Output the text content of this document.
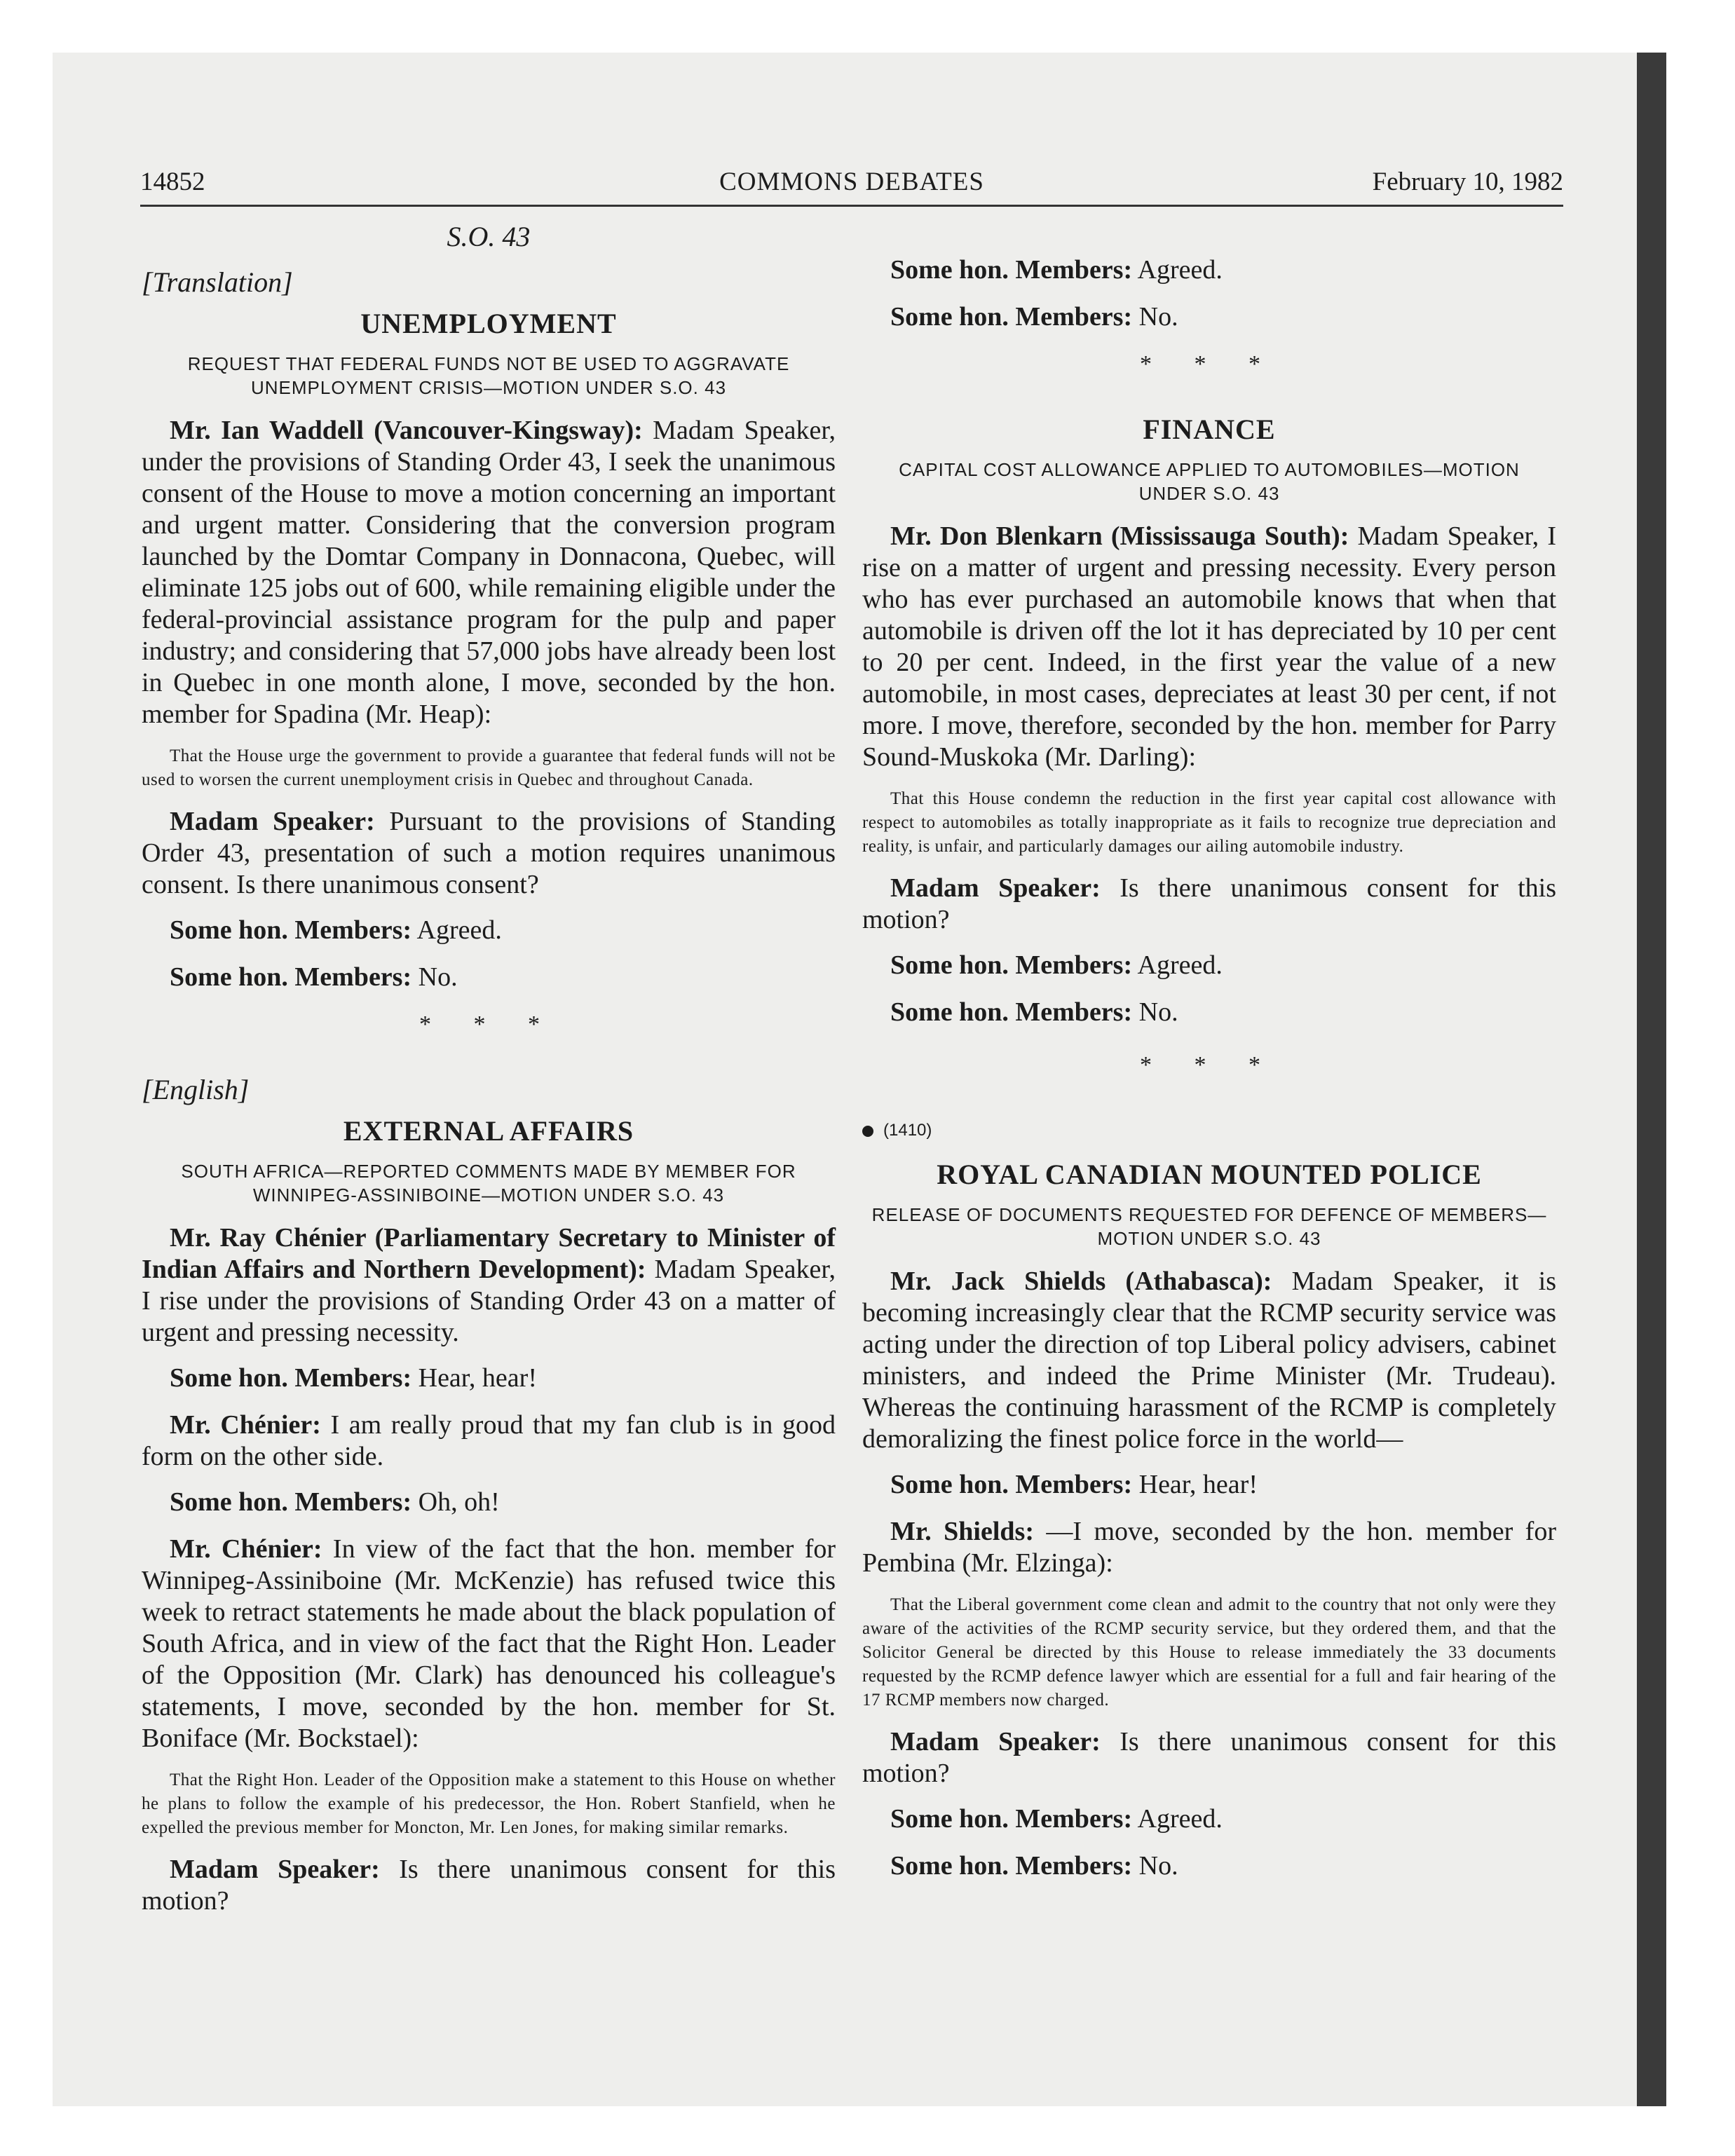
14852	COMMONS DEBATES	February 10, 1982
S.O. 43
[Translation]
UNEMPLOYMENT
REQUEST THAT FEDERAL FUNDS NOT BE USED TO AGGRAVATE UNEMPLOYMENT CRISIS—MOTION UNDER S.O. 43

Mr. Ian Waddell (Vancouver-Kingsway): Madam Speaker, under the provisions of Standing Order 43, I seek the unanimous consent of the House to move a motion concerning an important and urgent matter. Considering that the conversion program launched by the Domtar Company in Donnacona, Quebec, will eliminate 125 jobs out of 600, while remaining eligible under the federal-provincial assistance program for the pulp and paper industry; and considering that 57,000 jobs have already been lost in Quebec in one month alone, I move, seconded by the hon. member for Spadina (Mr. Heap):

That the House urge the government to provide a guarantee that federal funds will not be used to worsen the current unemployment crisis in Quebec and throughout Canada.

Madam Speaker: Pursuant to the provisions of Standing Order 43, presentation of such a motion requires unanimous consent. Is there unanimous consent?

Some hon. Members: Agreed.

Some hon. Members: No.

* * *
[English]
EXTERNAL AFFAIRS
SOUTH AFRICA—REPORTED COMMENTS MADE BY MEMBER FOR WINNIPEG-ASSINIBOINE—MOTION UNDER S.O. 43

Mr. Ray Chénier (Parliamentary Secretary to Minister of Indian Affairs and Northern Development): Madam Speaker, I rise under the provisions of Standing Order 43 on a matter of urgent and pressing necessity.

Some hon. Members: Hear, hear!

Mr. Chénier: I am really proud that my fan club is in good form on the other side.

Some hon. Members: Oh, oh!

Mr. Chénier: In view of the fact that the hon. member for Winnipeg-Assiniboine (Mr. McKenzie) has refused twice this week to retract statements he made about the black population of South Africa, and in view of the fact that the Right Hon. Leader of the Opposition (Mr. Clark) has denounced his colleague's statements, I move, seconded by the hon. member for St. Boniface (Mr. Bockstael):

That the Right Hon. Leader of the Opposition make a statement to this House on whether he plans to follow the example of his predecessor, the Hon. Robert Stanfield, when he expelled the previous member for Moncton, Mr. Len Jones, for making similar remarks.

Madam Speaker: Is there unanimous consent for this motion?

Some hon. Members: Agreed.

Some hon. Members: No.

* * *
FINANCE
CAPITAL COST ALLOWANCE APPLIED TO AUTOMOBILES—MOTION UNDER S.O. 43

Mr. Don Blenkarn (Mississauga South): Madam Speaker, I rise on a matter of urgent and pressing necessity. Every person who has ever purchased an automobile knows that when that automobile is driven off the lot it has depreciated by 10 per cent to 20 per cent. Indeed, in the first year the value of a new automobile, in most cases, depreciates at least 30 per cent, if not more. I move, therefore, seconded by the hon. member for Parry Sound-Muskoka (Mr. Darling):

That this House condemn the reduction in the first year capital cost allowance with respect to automobiles as totally inappropriate as it fails to recognize true depreciation and reality, is unfair, and particularly damages our ailing automobile industry.

Madam Speaker: Is there unanimous consent for this motion?

Some hon. Members: Agreed.

Some hon. Members: No.

* * *
(1410)
ROYAL CANADIAN MOUNTED POLICE
RELEASE OF DOCUMENTS REQUESTED FOR DEFENCE OF MEMBERS—MOTION UNDER S.O. 43

Mr. Jack Shields (Athabasca): Madam Speaker, it is becoming increasingly clear that the RCMP security service was acting under the direction of top Liberal policy advisers, cabinet ministers, and indeed the Prime Minister (Mr. Trudeau). Whereas the continuing harassment of the RCMP is completely demoralizing the finest police force in the world—

Some hon. Members: Hear, hear!

Mr. Shields: —I move, seconded by the hon. member for Pembina (Mr. Elzinga):

That the Liberal government come clean and admit to the country that not only were they aware of the activities of the RCMP security service, but they ordered them, and that the Solicitor General be directed by this House to release immediately the 33 documents requested by the RCMP defence lawyer which are essential for a full and fair hearing of the 17 RCMP members now charged.

Madam Speaker: Is there unanimous consent for this motion?

Some hon. Members: Agreed.

Some hon. Members: No.
